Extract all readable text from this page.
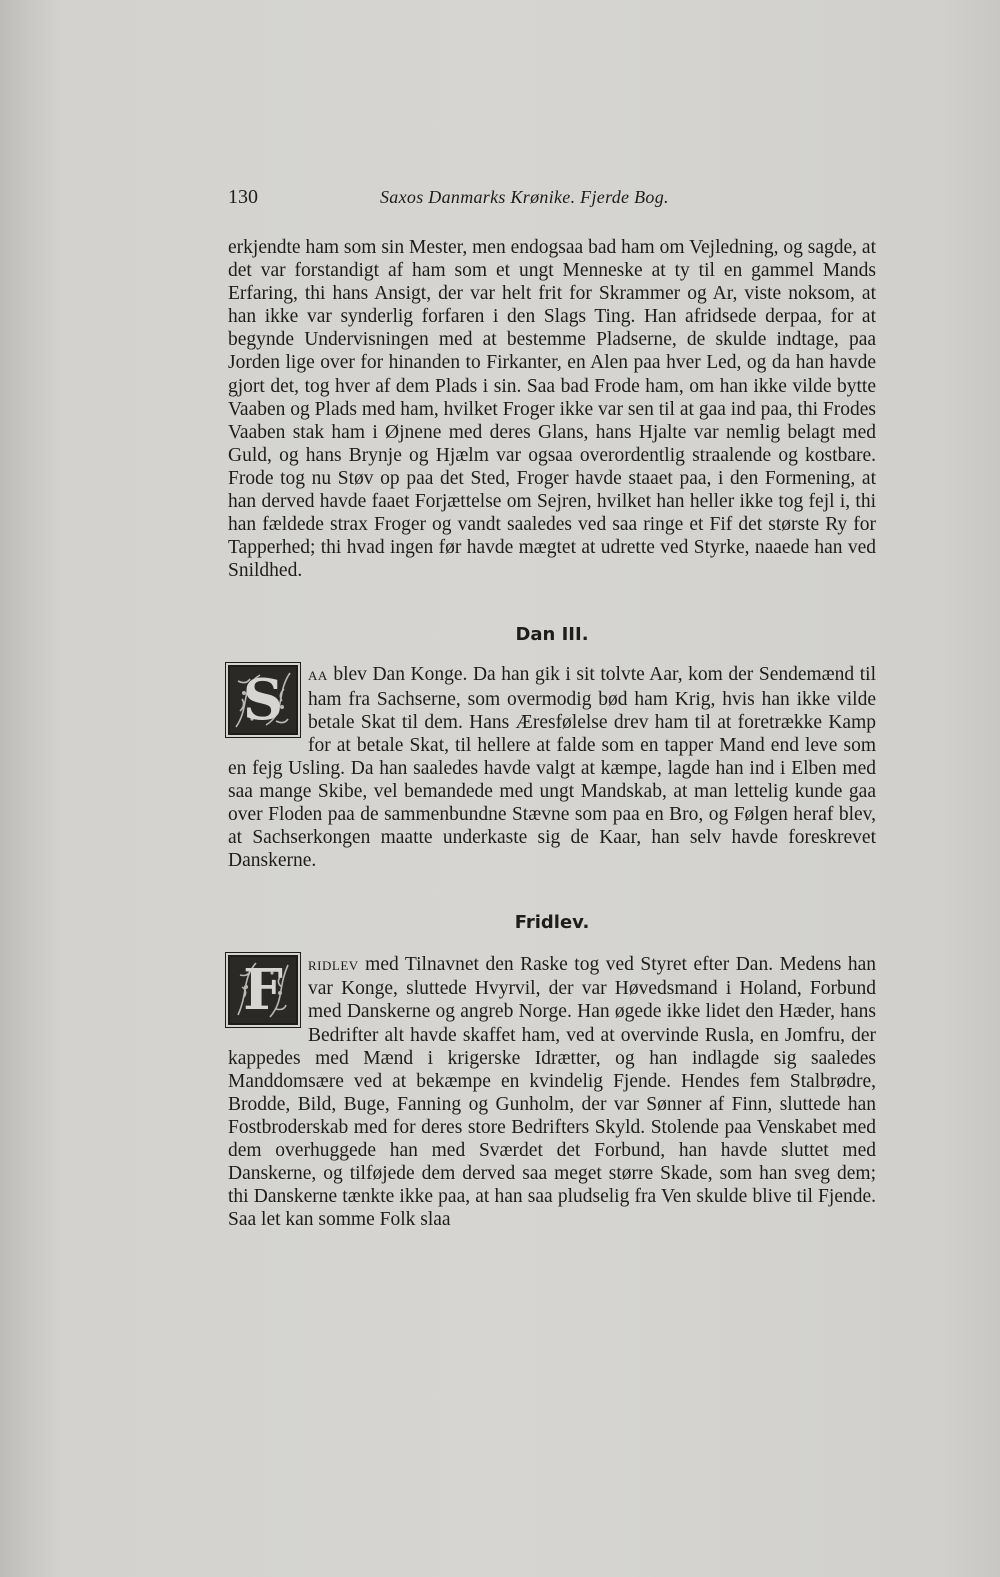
130	Saxos Danmarks Krønike. Fjerde Bog.

erkjendte ham som sin Mester, men endogsaa bad ham om Vejledning, og sagde, at det var forstandigt af ham som et ungt Menneske at ty til en gammel Mands Erfaring, thi hans Ansigt, der var helt frit for Skrammer og Ar, viste noksom, at han ikke var synderlig forfaren i den Slags Ting. Han afridsede derpaa, for at begynde Undervisningen med at bestemme Pladserne, de skulde indtage, paa Jorden lige over for hinanden to Firkanter, en Alen paa hver Led, og da han havde gjort det, tog hver af dem Plads i sin. Saa bad Frode ham, om han ikke vilde bytte Vaaben og Plads med ham, hvilket Froger ikke var sen til at gaa ind paa, thi Frodes Vaaben stak ham i Øjnene med deres Glans, hans Hjalte var nemlig belagt med Guld, og hans Brynje og Hjælm var ogsaa overordentlig straalende og kostbare. Frode tog nu Støv op paa det Sted, Froger havde staaet paa, i den Formening, at han derved havde faaet Forjættelse om Sejren, hvilket han heller ikke tog fejl i, thi han fældede strax Froger og vandt saaledes ved saa ringe et Fif det største Ry for Tapperhed; thi hvad ingen før havde mægtet at udrette ved Styrke, naaede han ved Snildhed.

Dan III.

S	AA blev Dan Konge. Da han gik i sit tolvte Aar, kom der Sendemænd til ham fra Sachserne, som overmodig bød ham Krig, hvis han ikke vilde betale Skat til dem. Hans Æresfølelse drev ham til at foretrække Kamp for at betale Skat, til hellere at falde som en tapper Mand end leve som en fejg Usling. Da han saaledes havde valgt at kæmpe, lagde han ind i Elben med saa mange Skibe, vel bemandede med ungt Mandskab, at man lettelig kunde gaa over Floden paa de sammenbundne Stævne som paa en Bro, og Følgen heraf blev, at Sachserkongen maatte underkaste sig de Kaar, han selv havde foreskrevet Danskerne.

Fridlev.

F	RIDLEV med Tilnavnet den Raske tog ved Styret efter Dan. Medens han var Konge, sluttede Hvyrvil, der var Høvedsmand i Holand, Forbund med Danskerne og angreb Norge. Han øgede ikke lidet den Hæder, hans Bedrifter alt havde skaffet ham, ved at overvinde Rusla, en Jomfru, der kappedes med Mænd i krigerske Idrætter, og han indlagde sig saaledes Manddomsære ved at bekæmpe en kvindelig Fjende. Hendes fem Stalbrødre, Brodde, Bild, Buge, Fanning og Gunholm, der var Sønner af Finn, sluttede han Fostbroderskab med for deres store Bedrifters Skyld. Stolende paa Venskabet med dem overhuggede han med Sværdet det Forbund, han havde sluttet med Danskerne, og tilføjede dem derved saa meget større Skade, som han sveg dem; thi Danskerne tænkte ikke paa, at han saa pludselig fra Ven skulde blive til Fjende. Saa let kan somme Folk slaa
